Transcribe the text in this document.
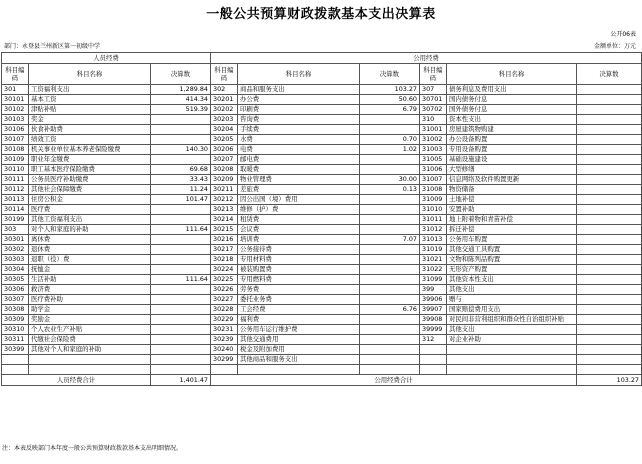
一般公共预算财政拨款基本支出决算表
公开06表
部门：永登县兰州新区第一初级中学	金额单位：万元
人员经费			公用经费					
科目编码	科目名称	决算数	科目编码	科目名称	决算数	科目编码	科目名称	决算数
301	工资福利支出	1,289.84	302	商品和服务支出	103.27	307	债务利息及费用支出	
30101	基本工资	414.34	30201	办公费	50.60	30701	国内债务付息	
30102	津贴补贴	519.39	30202	印刷费	6.79	30702	国外债务付息	
30103	奖金		30203	咨询费		310	资本性支出	
30106	伙食补助费		30204	手续费		31001	房屋建筑物购建	
30107	绩效工资		30205	水费	0.70	31002	办公设备购置	
30108	机关事业单位基本养老保险缴费	140.30	30206	电费	1.02	31003	专用设备购置	
30109	职业年金缴费		30207	邮电费		31005	基础设施建设	
30110	职工基本医疗保险缴费	69.68	30208	取暖费		31006	大型修缮	
30111	公务员医疗补助缴费	33.43	30209	物业管理费	30.00	31007	信息网络及软件购置更新	
30112	其他社会保障缴费	11.24	30211	差旅费	0.13	31008	物资储备	
30113	住房公积金	101.47	30212	因公出国（境）费用		31009	土地补偿	
30114	医疗费		30213	维修（护）费		31010	安置补助	
30199	其他工资福利支出		30214	租赁费		31011	地上附着物和青苗补偿	
303	对个人和家庭的补助	111.64	30215	会议费		31012	拆迁补偿	
30301	离休费		30216	培训费	7.07	31013	公务用车购置	
30302	退休费		30217	公务接待费		31019	其他交通工具购置	
30303	退职（役）费		30218	专用材料费		31021	文物和陈列品购置	
30304	抚恤金		30224	被装购置费		31022	无形资产购置	
30305	生活补助	111.64	30225	专用燃料费		31099	其他资本性支出	
30306	救济费		30226	劳务费		399	其他支出	
30307	医疗费补助		30227	委托业务费		39906	赠与	
30308	助学金		30228	工会经费	6.76	39907	国家赔偿费用支出	
30309	奖励金		30229	福利费		39908	对民间非营利组织和群众性自治组织补贴	
30310	个人农业生产补贴		30231	公务用车运行维护费		39999	其他支出	
30311	代缴社会保险费		30239	其他交通费用		312	对企业补助	
30399	其他对个人和家庭的补助		30240	税金及附加费用				
			30299	其他商品和服务支出				

人员经费合计		1,401.47	公用经费合计					103.27
注：本表反映部门本年度一般公共预算财政拨款基本支出明细情况。
